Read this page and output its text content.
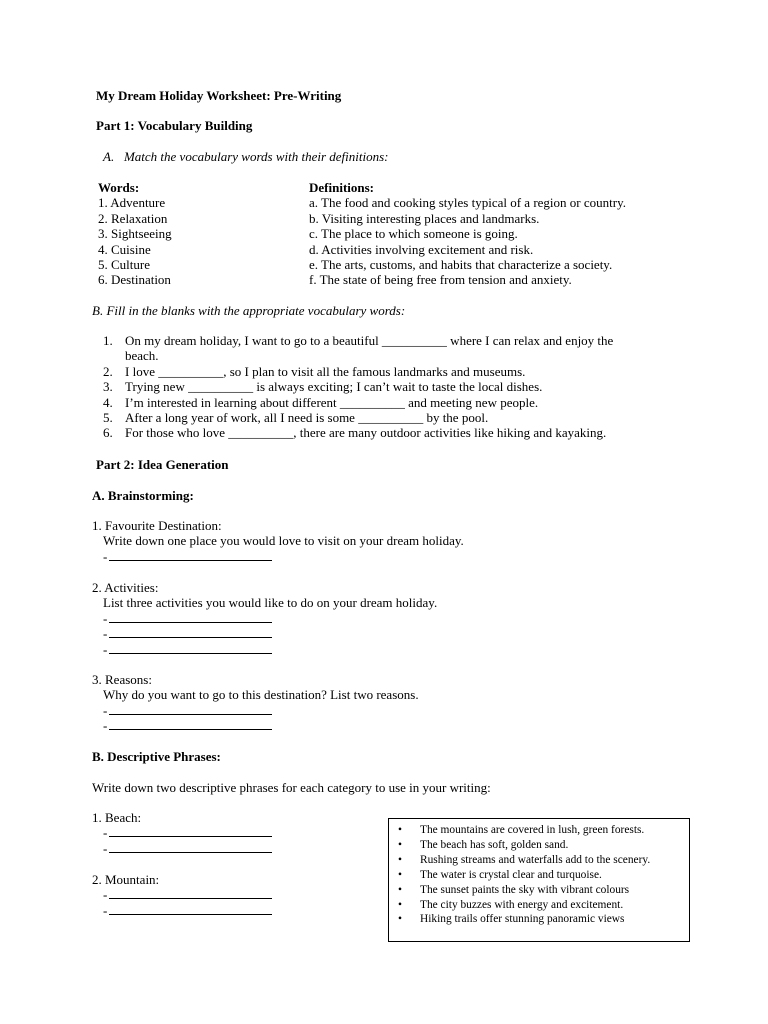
My Dream Holiday Worksheet: Pre-Writing
Part 1: Vocabulary Building
A. Match the vocabulary words with their definitions:
Words:
1. Adventure
2. Relaxation
3. Sightseeing
4. Cuisine
5. Culture
6. Destination
Definitions:
a. The food and cooking styles typical of a region or country.
b. Visiting interesting places and landmarks.
c. The place to which someone is going.
d. Activities involving excitement and risk.
e. The arts, customs, and habits that characterize a society.
f. The state of being free from tension and anxiety.
B. Fill in the blanks with the appropriate vocabulary words:
1. On my dream holiday, I want to go to a beautiful __________ where I can relax and enjoy the
beach.
2. I love __________, so I plan to visit all the famous landmarks and museums.
3. Trying new __________ is always exciting; I can’t wait to taste the local dishes.
4. I’m interested in learning about different __________ and meeting new people.
5. After a long year of work, all I need is some __________ by the pool.
6. For those who love __________, there are many outdoor activities like hiking and kayaking.
Part 2: Idea Generation
A. Brainstorming:
1. Favourite Destination:
Write down one place you would love to visit on your dream holiday.
-
2. Activities:
List three activities you would like to do on your dream holiday.
-
-
-
3. Reasons:
Why do you want to go to this destination? List two reasons.
-
-
B. Descriptive Phrases:
Write down two descriptive phrases for each category to use in your writing:
1. Beach:
-
-
2. Mountain:
-
-
• The mountains are covered in lush, green forests.
• The beach has soft, golden sand.
• Rushing streams and waterfalls add to the scenery.
• The water is crystal clear and turquoise.
• The sunset paints the sky with vibrant colours
• The city buzzes with energy and excitement.
• Hiking trails offer stunning panoramic views
